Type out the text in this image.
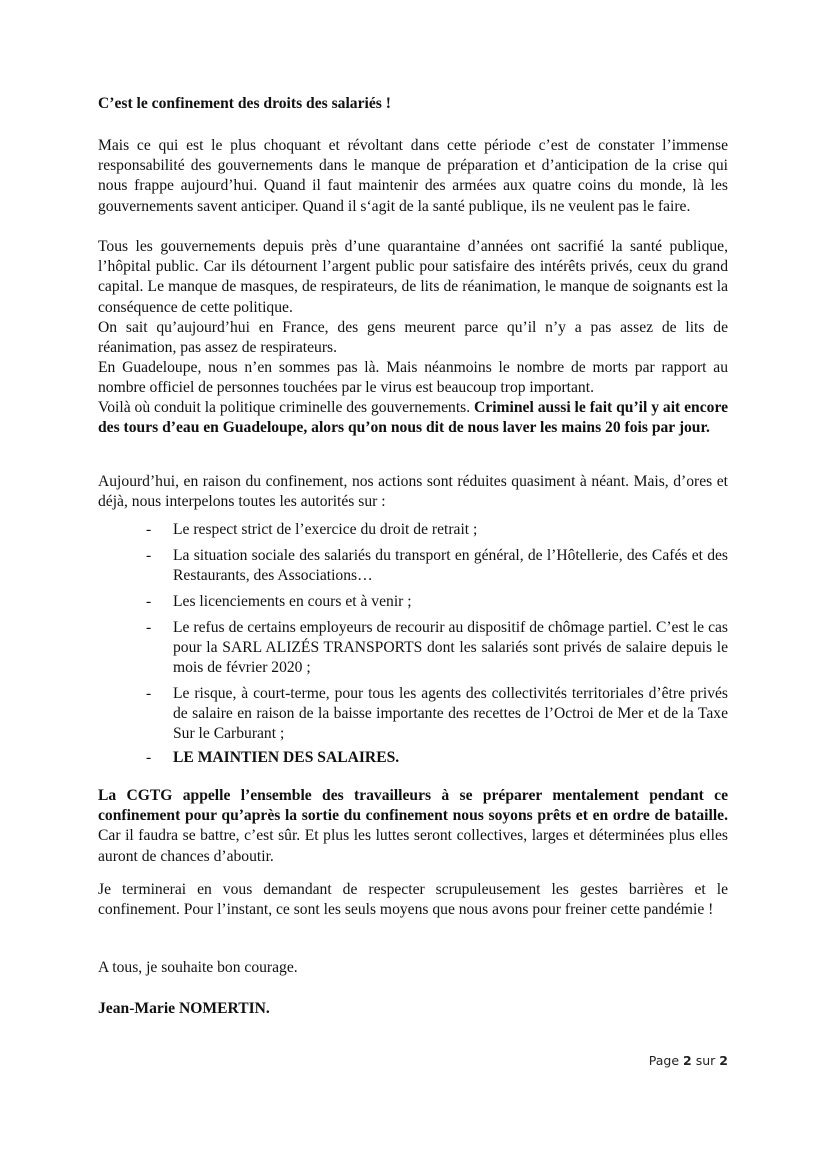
C’est le confinement des droits des salariés !

Mais ce qui est le plus choquant et révoltant dans cette période c’est de constater l’immense responsabilité des gouvernements dans le manque de préparation et d’anticipation de la crise qui nous frappe aujourd’hui. Quand il faut maintenir des armées aux quatre coins du monde, là les gouvernements savent anticiper. Quand il s‘agit de la santé publique, ils ne veulent pas le faire.

Tous les gouvernements depuis près d’une quarantaine d’années ont sacrifié la santé publique, l’hôpital public. Car ils détournent l’argent public pour satisfaire des intérêts privés, ceux du grand capital. Le manque de masques, de respirateurs, de lits de réanimation, le manque de soignants est la conséquence de cette politique.

On sait qu’aujourd’hui en France, des gens meurent parce qu’il n’y a pas assez de lits de réanimation, pas assez de respirateurs.

En Guadeloupe, nous n’en sommes pas là. Mais néanmoins le nombre de morts par rapport au nombre officiel de personnes touchées par le virus est beaucoup trop important.

Voilà où conduit la politique criminelle des gouvernements. Criminel aussi le fait qu’il y ait encore des tours d’eau en Guadeloupe, alors qu’on nous dit de nous laver les mains 20 fois par jour.

Aujourd’hui, en raison du confinement, nos actions sont réduites quasiment à néant. Mais, d’ores et déjà, nous interpelons toutes les autorités sur :

- Le respect strict de l’exercice du droit de retrait ;
- La situation sociale des salariés du transport en général, de l’Hôtellerie, des Cafés et des Restaurants, des Associations…
- Les licenciements en cours et à venir ;
- Le refus de certains employeurs de recourir au dispositif de chômage partiel. C’est le cas pour la SARL ALIZÉS TRANSPORTS dont les salariés sont privés de salaire depuis le mois de février 2020 ;
- Le risque, à court-terme, pour tous les agents des collectivités territoriales d’être privés de salaire en raison de la baisse importante des recettes de l’Octroi de Mer et de la Taxe Sur le Carburant ;
- LE MAINTIEN DES SALAIRES.

La CGTG appelle l’ensemble des travailleurs à se préparer mentalement pendant ce confinement pour qu’après la sortie du confinement nous soyons prêts et en ordre de bataille. Car il faudra se battre, c’est sûr. Et plus les luttes seront collectives, larges et déterminées plus elles auront de chances d’aboutir.

Je terminerai en vous demandant de respecter scrupuleusement les gestes barrières et le confinement. Pour l’instant, ce sont les seuls moyens que nous avons pour freiner cette pandémie !

A tous, je souhaite bon courage.

Jean-Marie NOMERTIN.

Page 2 sur 2
